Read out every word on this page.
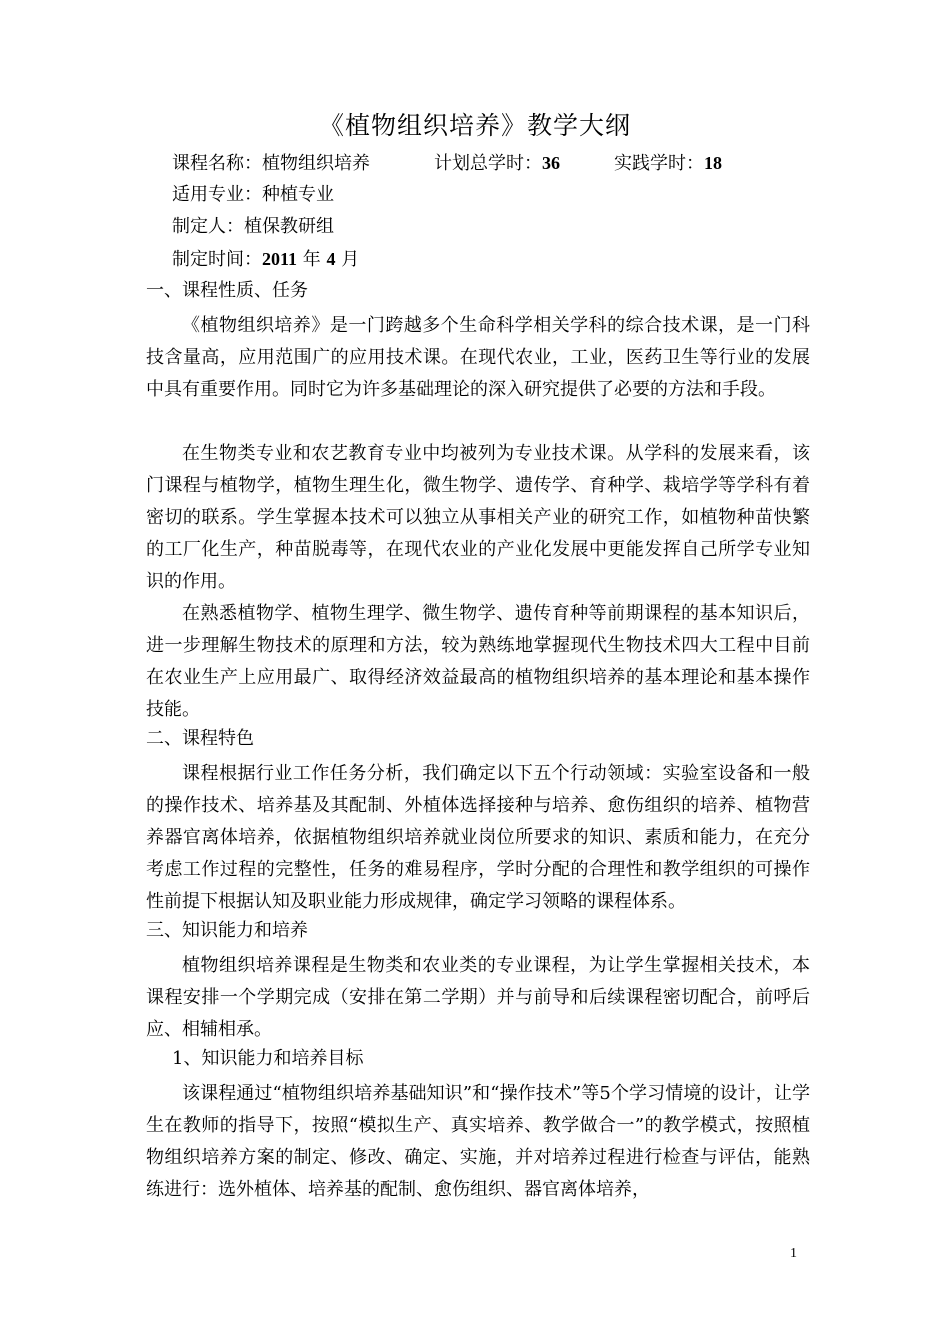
《植物组织培养》教学大纲
课程名称：植物组织培养	计划总学时：36	实践学时：18
适用专业：种植专业
制定人：植保教研组
制定时间：2011 年 4 月
一、课程性质、任务

《植物组织培养》是一门跨越多个生命科学相关学科的综合技术课，是一门科技含量高，应用范围广的应用技术课。在现代农业，工业，医药卫生等行业的发展中具有重要作用。同时它为许多基础理论的深入研究提供了必要的方法和手段。

在生物类专业和农艺教育专业中均被列为专业技术课。从学科的发展来看，该门课程与植物学，植物生理生化，微生物学、遗传学、育种学、栽培学等学科有着密切的联系。学生掌握本技术可以独立从事相关产业的研究工作，如植物种苗快繁的工厂化生产，种苗脱毒等，在现代农业的产业化发展中更能发挥自己所学专业知识的作用。

在熟悉植物学、植物生理学、微生物学、遗传育种等前期课程的基本知识后，进一步理解生物技术的原理和方法，较为熟练地掌握现代生物技术四大工程中目前在农业生产上应用最广、取得经济效益最高的植物组织培养的基本理论和基本操作技能。

二、课程特色

课程根据行业工作任务分析，我们确定以下五个行动领域：实验室设备和一般的操作技术、培养基及其配制、外植体选择接种与培养、愈伤组织的培养、植物营养器官离体培养，依据植物组织培养就业岗位所要求的知识、素质和能力，在充分考虑工作过程的完整性，任务的难易程序，学时分配的合理性和教学组织的可操作性前提下根据认知及职业能力形成规律，确定学习领略的课程体系。

三、知识能力和培养

植物组织培养课程是生物类和农业类的专业课程，为让学生掌握相关技术，本课程安排一个学期完成（安排在第二学期）并与前导和后续课程密切配合，前呼后应、相辅相承。

1、知识能力和培养目标

该课程通过“植物组织培养基础知识”和“操作技术”等5个学习情境的设计，让学生在教师的指导下，按照“模拟生产、真实培养、教学做合一”的教学模式，按照植物组织培养方案的制定、修改、确定、实施，并对培养过程进行检查与评估，能熟练进行：选外植体、培养基的配制、愈伤组织、器官离体培养，

1
